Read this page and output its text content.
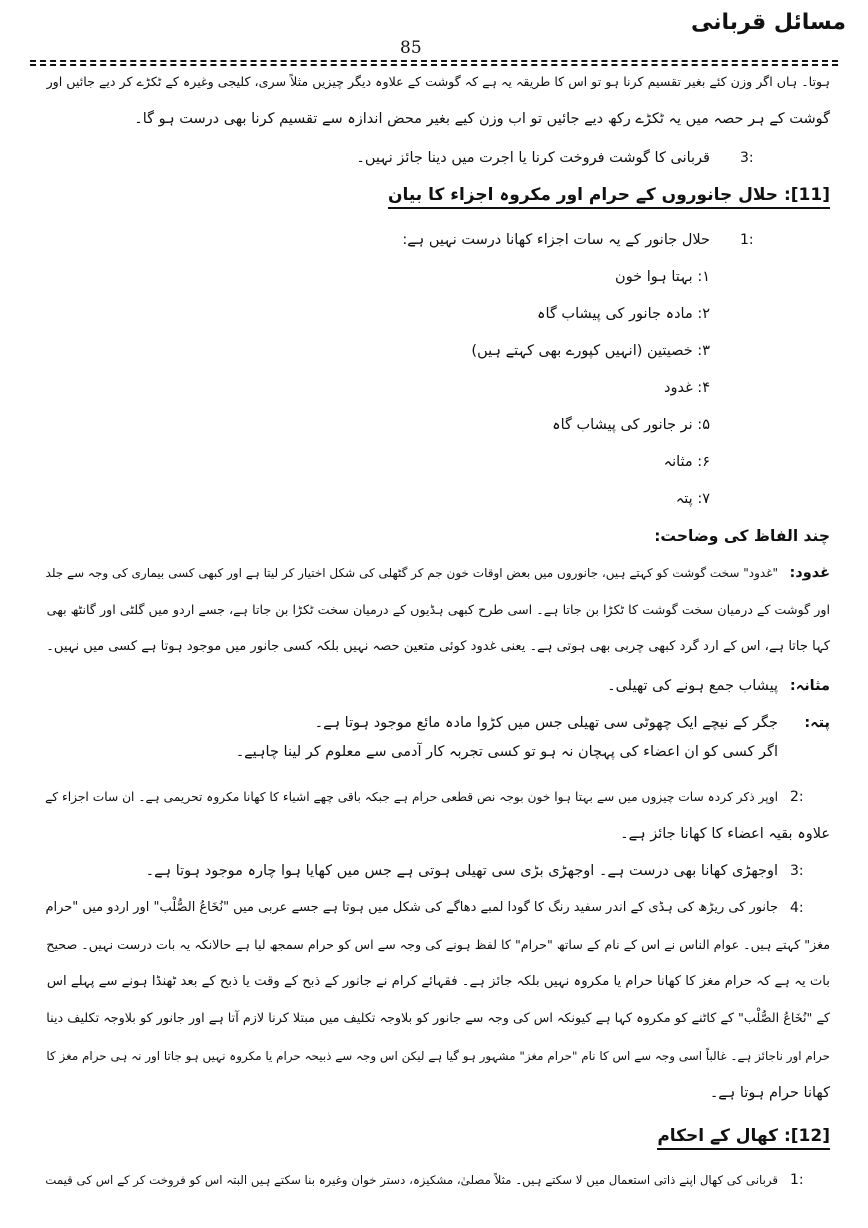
مسائل قربانی
85
ہوتا۔ ہاں اگر وزن کئے بغیر تقسیم کرنا ہو تو اس کا طریقہ یہ ہے کہ گوشت کے علاوہ دیگر چیزیں مثلاً سری، کلیجی وغیرہ کے ٹکڑے کر دیے جائیں اور
گوشت کے ہر حصہ میں یہ ٹکڑے رکھ دیے جائیں تو اب وزن کیے بغیر محض اندازہ سے تقسیم کرنا بھی درست ہو گا۔
3:
قربانی کا گوشت فروخت کرنا یا اجرت میں دینا جائز نہیں۔
[11]: حلال جانوروں کے حرام اور مکروہ اجزاء کا بیان
1:
حلال جانور کے یہ سات اجزاء کھانا درست نہیں ہے:
۱: بہتا ہوا خون
۲: مادہ جانور کی پیشاب گاہ
۳: خصیتین (انہیں کپورے بھی کہتے ہیں)
۴: غدود
۵: نر جانور کی پیشاب گاہ
۶: مثانہ
۷: پتہ
چند الفاظ کی وضاحت:
غدود:
"غدود" سخت گوشت کو کہتے ہیں، جانوروں میں بعض اوقات خون جم کر گٹھلی کی شکل اختیار کر لیتا ہے اور کبھی کسی بیماری کی وجہ سے جلد
اور گوشت کے درمیان سخت گوشت کا ٹکڑا بن جاتا ہے۔ اسی طرح کبھی ہڈیوں کے درمیان سخت ٹکڑا بن جاتا ہے، جسے اردو میں گلٹی اور گانٹھ بھی
کہا جاتا ہے، اس کے ارد گرد کبھی چربی بھی ہوتی ہے۔ یعنی غدود کوئی متعین حصہ نہیں بلکہ کسی جانور میں موجود ہوتا ہے کسی میں نہیں۔
مثانہ:
پیشاب جمع ہونے کی تھیلی۔
پتہ:
جگر کے نیچے ایک چھوٹی سی تھیلی جس میں کڑوا مادہ مائع موجود ہوتا ہے۔
اگر کسی کو ان اعضاء کی پہچان نہ ہو تو کسی تجربہ کار آدمی سے معلوم کر لینا چاہیے۔
2:
اوپر ذکر کردہ سات چیزوں میں سے بہتا ہوا خون بوجہ نص قطعی حرام ہے جبکہ باقی چھے اشیاء کا کھانا مکروہ تحریمی ہے۔ ان سات اجزاء کے
علاوہ بقیہ اعضاء کا کھانا جائز ہے۔
3:
اوجھڑی کھانا بھی درست ہے۔ اوجھڑی بڑی سی تھیلی ہوتی ہے جس میں کھایا ہوا چارہ موجود ہوتا ہے۔
4:
جانور کی ریڑھ کی ہڈی کے اندر سفید رنگ کا گودا لمبے دھاگے کی شکل میں ہوتا ہے جسے عربی میں "نُخَاعُ الصُّلْب" اور اردو میں "حرام
مغز" کہتے ہیں۔ عوام الناس نے اس کے نام کے ساتھ "حرام" کا لفظ ہونے کی وجہ سے اس کو حرام سمجھ لیا ہے حالانکہ یہ بات درست نہیں۔ صحیح
بات یہ ہے کہ حرام مغز کا کھانا حرام یا مکروہ نہیں بلکہ جائز ہے۔ فقہائے کرام نے جانور کے ذبح کے وقت یا ذبح کے بعد ٹھنڈا ہونے سے پہلے اس
کے "نُخَاعُ الصُّلْب" کے کاٹنے کو مکروہ کہا ہے کیونکہ اس کی وجہ سے جانور کو بلاوجہ تکلیف میں مبتلا کرنا لازم آتا ہے اور جانور کو بلاوجہ تکلیف دینا
حرام اور ناجائز ہے۔ غالباً اسی وجہ سے اس کا نام "حرام مغز" مشہور ہو گیا ہے لیکن اس وجہ سے ذبیحہ حرام یا مکروہ نہیں ہو جاتا اور نہ ہی حرام مغز کا
کھانا حرام ہوتا ہے۔
[12]: کھال کے احکام
1:
قربانی کی کھال اپنے ذاتی استعمال میں لا سکتے ہیں۔ مثلاً مصلیٰ، مشکیزہ، دستر خوان وغیرہ بنا سکتے ہیں البتہ اس کو فروخت کر کے اس کی قیمت
